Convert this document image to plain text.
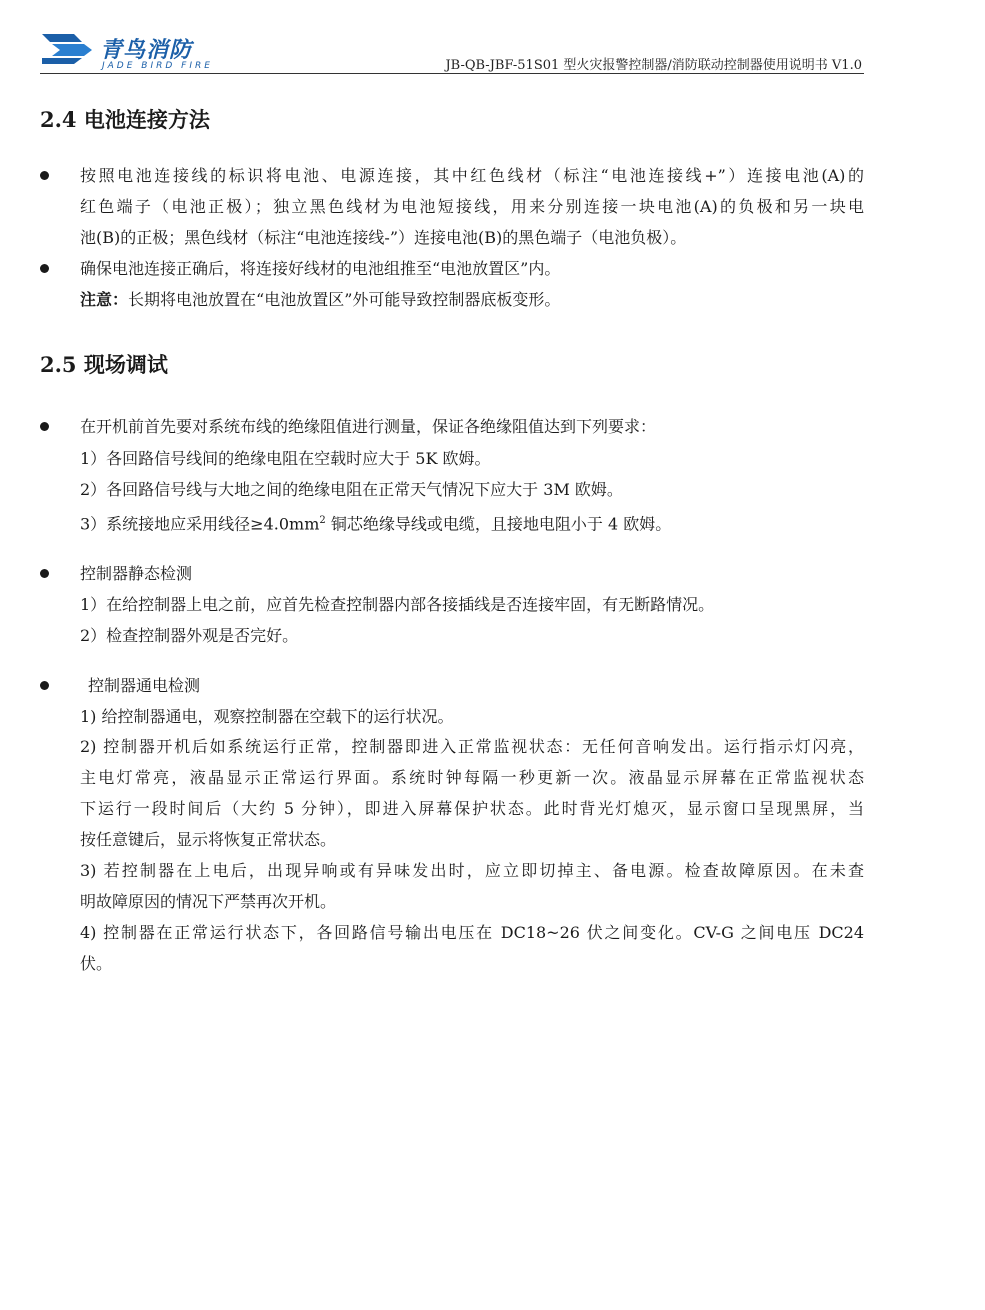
青鸟消防
JADE BIRD FIRE	JB-QB-JBF-51S01 型火灾报警控制器/消防联动控制器使用说明书 V1.0
2.4 电池连接方法

按照电池连接线的标识将电池、电源连接，其中红色线材（标注“电池连接线+”）连接电池(A)的

红色端子（电池正极）；独立黑色线材为电池短接线，用来分别连接一块电池(A)的负极和另一块电

池(B)的正极；黑色线材（标注“电池连接线-”）连接电池(B)的黑色端子（电池负极）。

确保电池连接正确后，将连接好线材的电池组推至“电池放置区”内。

注意：长期将电池放置在“电池放置区”外可能导致控制器底板变形。

2.5 现场调试

在开机前首先要对系统布线的绝缘阻值进行测量，保证各绝缘阻值达到下列要求：

1）各回路信号线间的绝缘电阻在空载时应大于 5K 欧姆。

2）各回路信号线与大地之间的绝缘电阻在正常天气情况下应大于 3M 欧姆。

3）系统接地应采用线径$\ge 4.0mm^2$ 铜芯绝缘导线或电缆，且接地电阻小于 4 欧姆。

控制器静态检测

1）在给控制器上电之前，应首先检查控制器内部各接插线是否连接牢固，有无断路情况。

2）检查控制器外观是否完好。

控制器通电检测

1) 给控制器通电，观察控制器在空载下的运行状况。

2) 控制器开机后如系统运行正常，控制器即进入正常监视状态：无任何音响发出。运行指示灯闪亮，

主电灯常亮，液晶显示正常运行界面。系统时钟每隔一秒更新一次。液晶显示屏幕在正常监视状态

下运行一段时间后（大约 5 分钟），即进入屏幕保护状态。此时背光灯熄灭，显示窗口呈现黑屏，当

按任意键后，显示将恢复正常状态。

3) 若控制器在上电后，出现异响或有异味发出时，应立即切掉主、备电源。检查故障原因。在未查

明故障原因的情况下严禁再次开机。

4) 控制器在正常运行状态下，各回路信号输出电压在 DC18~26 伏之间变化。CV-G 之间电压 DC24

伏。
